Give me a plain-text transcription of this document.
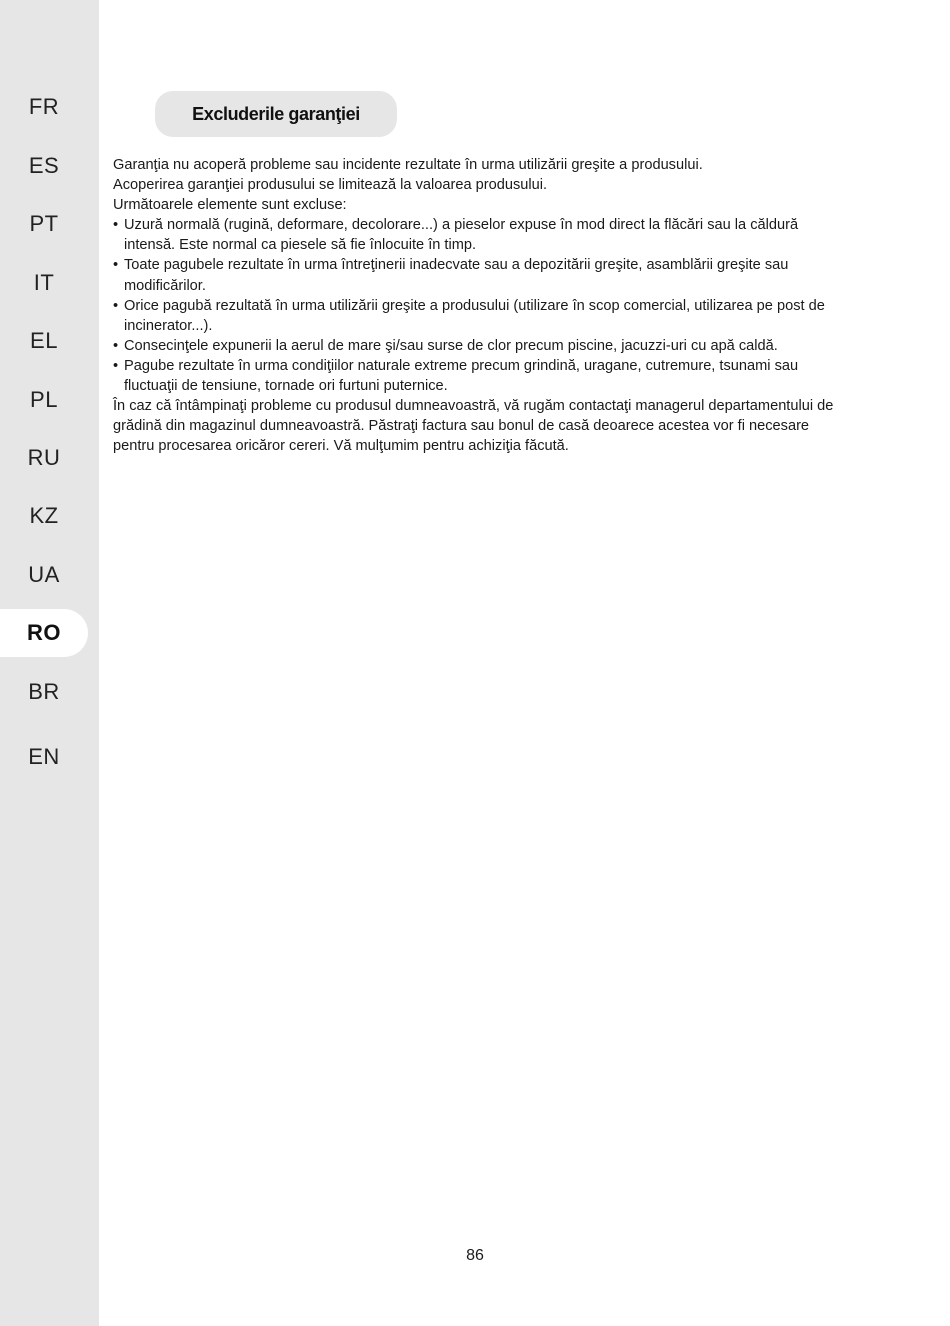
FR
ES
PT
IT
EL
PL
RU
KZ
UA
RO
BR
EN
Excluderile garanţiei

Garanţia nu acoperă probleme sau incidente rezultate în urma utilizării greşite a produsului.

Acoperirea garanţiei produsului se limitează la valoarea produsului.

Următoarele elemente sunt excluse:

• Uzură normală (rugină, deformare, decolorare...) a pieselor expuse în mod direct la flăcări sau la căldură intensă. Este normal ca piesele să fie înlocuite în timp.
• Toate pagubele rezultate în urma întreţinerii inadecvate sau a depozitării greşite, asamblării greşite sau modificărilor.
• Orice pagubă rezultată în urma utilizării greşite a produsului (utilizare în scop comercial, utilizarea pe post de incinerator...).
• Consecinţele expunerii la aerul de mare şi/sau surse de clor precum piscine, jacuzzi-uri cu apă caldă.
• Pagube rezultate în urma condiţiilor naturale extreme precum grindină, uragane, cutremure, tsunami sau fluctuaţii de tensiune, tornade ori furtuni puternice.

În caz că întâmpinaţi probleme cu produsul dumneavoastră, vă rugăm contactaţi managerul departamentului de grădină din magazinul dumneavoastră. Păstraţi factura sau bonul de casă deoarece acestea vor fi necesare pentru procesarea oricăror cereri. Vă mulţumim pentru achiziţia făcută.

86
